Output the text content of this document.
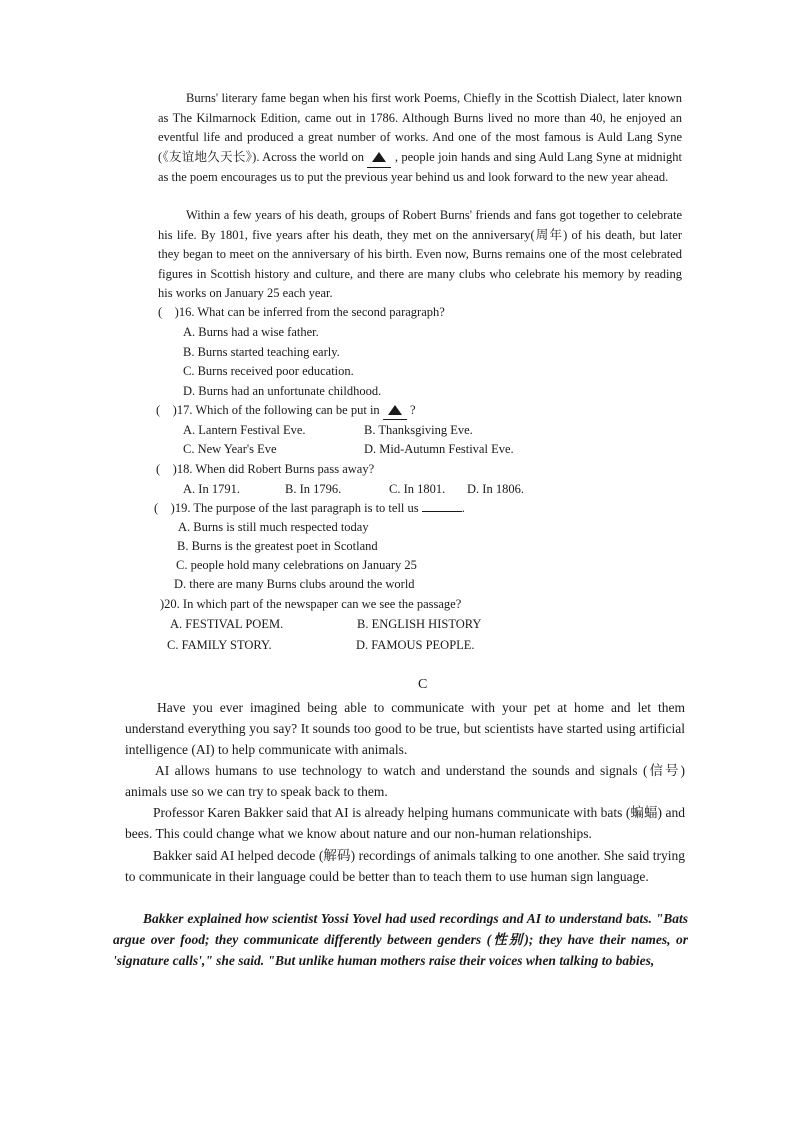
Burns' literary fame began when his first work Poems, Chiefly in the Scottish Dialect, later known as The Kilmarnock Edition, came out in 1786. Although Burns lived no more than 40, he enjoyed an eventful life and produced a great number of works. And one of the most famous is Auld Lang Syne (《友谊地久天长》). Across the world on , people join hands and sing Auld Lang Syne at midnight as the poem encourages us to put the previous year behind us and look forward to the new year ahead.

Within a few years of his death, groups of Robert Burns' friends and fans got together to celebrate his life. By 1801, five years after his death, they met on the anniversary(周年) of his death, but later they began to meet on the anniversary of his birth. Even now, Burns remains one of the most celebrated figures in Scottish history and culture, and there are many clubs who celebrate his memory by reading his works on January 25 each year.

(　)16. What can be inferred from the second paragraph?

A. Burns had a wise father.

B. Burns started teaching early.

C. Burns received poor education.

D. Burns had an unfortunate childhood.

(　)17. Which of the following can be put in ?

A. Lantern Festival Eve.	B. Thanksgiving Eve.

C. New Year's Eve	D. Mid-Autumn Festival Eve.

(　)18. When did Robert Burns pass away?

A. In 1791.	B. In 1796.	C. In 1801. D. In 1806.

(　)19. The purpose of the last paragraph is to tell us	.

A. Burns is still much respected today

B. Burns is the greatest poet in Scotland

C. people hold many celebrations on January 25

D. there are many Burns clubs around the world

)20. In which part of the newspaper can we see the passage?

A. FESTIVAL POEM.	B. ENGLISH HISTORY

C. FAMILY STORY.	D. FAMOUS PEOPLE.

C

Have you ever imagined being able to communicate with your pet at home and let them understand everything you say? It sounds too good to be true, but scientists have started using artificial intelligence (AI) to help communicate with animals.

AI allows humans to use technology to watch and understand the sounds and signals (信号) animals use so we can try to speak back to them.

Professor Karen Bakker said that AI is already helping humans communicate with bats (蝙蝠) and bees. This could change what we know about nature and our non-human relationships.

Bakker said AI helped decode (解码) recordings of animals talking to one another. She said trying to communicate in their language could be better than to teach them to use human sign language.

Bakker explained how scientist Yossi Yovel had used recordings and AI to understand bats. "Bats argue over food; they communicate differently between genders (性别); they have their names, or 'signature calls'," she said. "But unlike human mothers raise their voices when talking to babies,
